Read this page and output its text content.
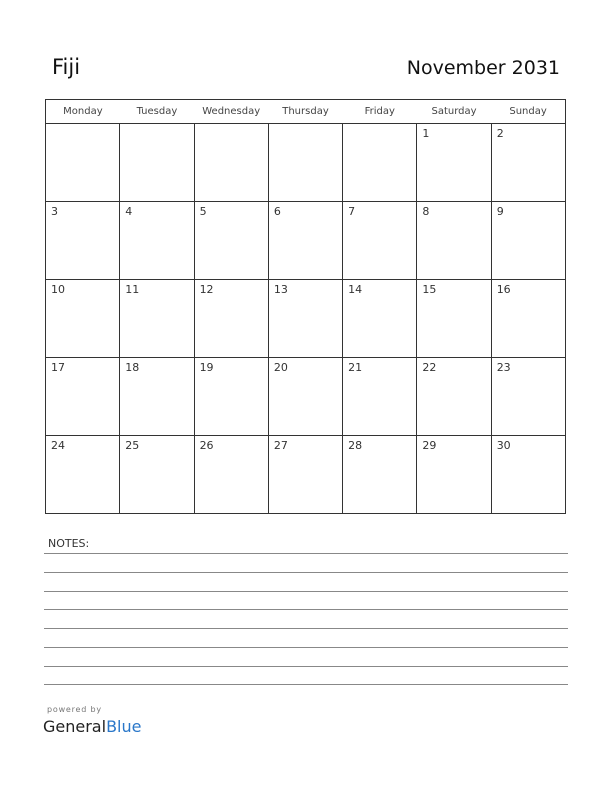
Fiji	November 2031
Monday	Tuesday	Wednesday	Thursday	Friday	Saturday	Sunday

					1	2

3	4	5	6	7	8	9

10	11	12	13	14	15	16

17	18	19	20	21	22	23

24	25	26	27	28	29	30
NOTES:
powered by
GeneralBlue
